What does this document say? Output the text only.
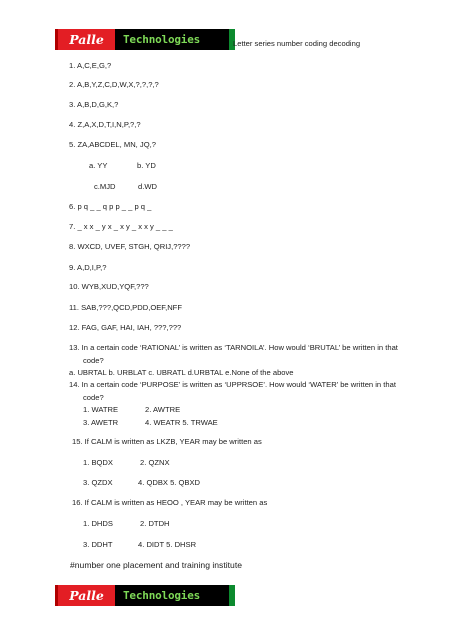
Palle	Technologies	Letter series number coding decoding
1. A,C,E,G,?
2. A,B,Y,Z,C,D,W,X,?,?,?,?
3. A,B,D,G,K,?
4. Z,A,X,D,T,I,N,P,?,?
5. ZA,ABCDEL, MN, JQ,?
a. YY	b. YD
c.MJD	d.WD
6. p q _ _ q p p _ _ p q _
7. _ x x _ y x _ x y _ x x y _ _ _
8. WXCD, UVEF, STGH, QRIJ,????
9. A,D,I,P,?
10. WYB,XUD,YQF,???
11. SAB,???,QCD,PDD,OEF,NFF
12. FAG, GAF, HAI, IAH, ???,???
13. In a certain code ‘RATIONAL’ is written as ‘TARNOILA’. How would ‘BRUTAL’ be written in that
code?
a. UBRTAL b. URBLAT c. UBRATL d.URBTAL e.None of the above
14. In a certain code ‘PURPOSE’ is written as ‘UPPRSOE’. How would ‘WATER’ be written in that
code?
1. WATRE	2. AWTRE
3. AWETR	4. WEATR 5. TRWAE
15. If CALM is written as LKZB, YEAR may be written as
1. BQDX	2. QZNX
3. QZDX	4. QDBX 5. QBXD
16. If CALM is written as HEOO , YEAR may be written as
1. DHDS	2. DTDH
3. DDHT	4. DIDT 5. DHSR
#number one placement and training institute
Palle	Technologies
